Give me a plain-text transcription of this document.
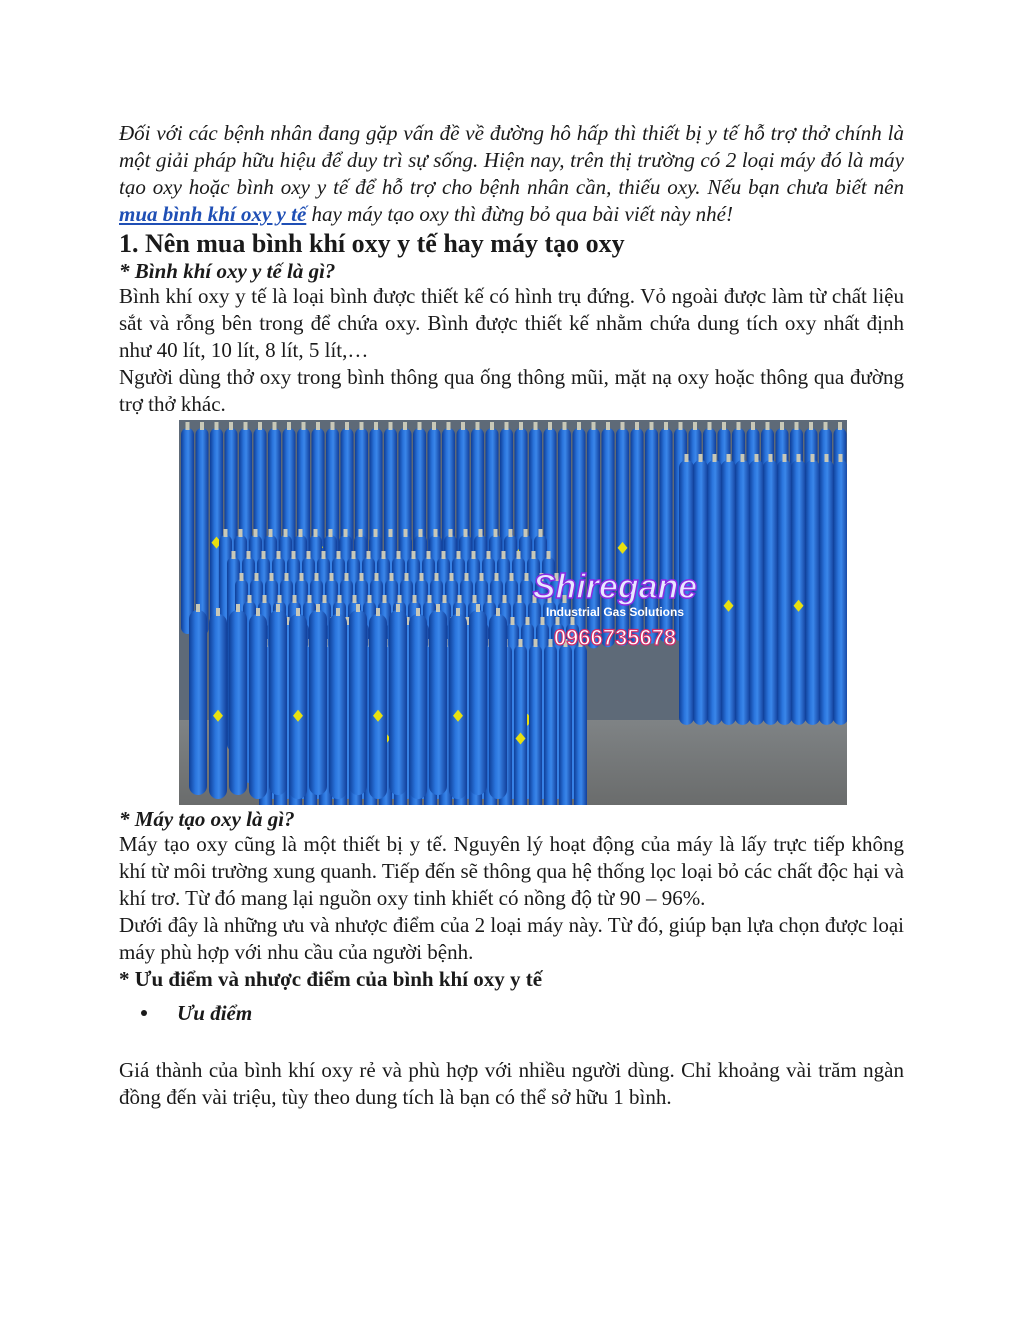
Đối với các bệnh nhân đang gặp vấn đề về đường hô hấp thì thiết bị y tế hỗ trợ thở chính là một giải pháp hữu hiệu để duy trì sự sống. Hiện nay, trên thị trường có 2 loại máy đó là máy tạo oxy hoặc bình oxy y tế để hỗ trợ cho bệnh nhân cần, thiếu oxy. Nếu bạn chưa biết nên mua bình khí oxy y tế hay máy tạo oxy thì đừng bỏ qua bài viết này nhé!

1. Nên mua bình khí oxy y tế hay máy tạo oxy
* Bình khí oxy y tế là gì?

Bình khí oxy y tế là loại bình được thiết kế có hình trụ đứng. Vỏ ngoài được làm từ chất liệu sắt và rỗng bên trong để chứa oxy. Bình được thiết kế nhằm chứa dung tích oxy nhất định như 40 lít, 10 lít, 8 lít, 5 lít,…

Người dùng thở oxy trong bình thông qua ống thông mũi, mặt nạ oxy hoặc thông qua đường trợ thở khác.

Shiregane
Industrial Gas Solutions
0966735678
* Máy tạo oxy là gì?

Máy tạo oxy cũng là một thiết bị y tế. Nguyên lý hoạt động của máy là lấy trực tiếp không khí từ môi trường xung quanh. Tiếp đến sẽ thông qua hệ thống lọc loại bỏ các chất độc hại và khí trơ. Từ đó mang lại nguồn oxy tinh khiết có nồng độ từ 90 – 96%.

Dưới đây là những ưu và nhược điểm của 2 loại máy này. Từ đó, giúp bạn lựa chọn được loại máy phù hợp với nhu cầu của người bệnh.

* Ưu điểm và nhược điểm của bình khí oxy y tế

Ưu điểm

Giá thành của bình khí oxy rẻ và phù hợp với nhiều người dùng. Chỉ khoảng vài trăm ngàn đồng đến vài triệu, tùy theo dung tích là bạn có thể sở hữu 1 bình.
